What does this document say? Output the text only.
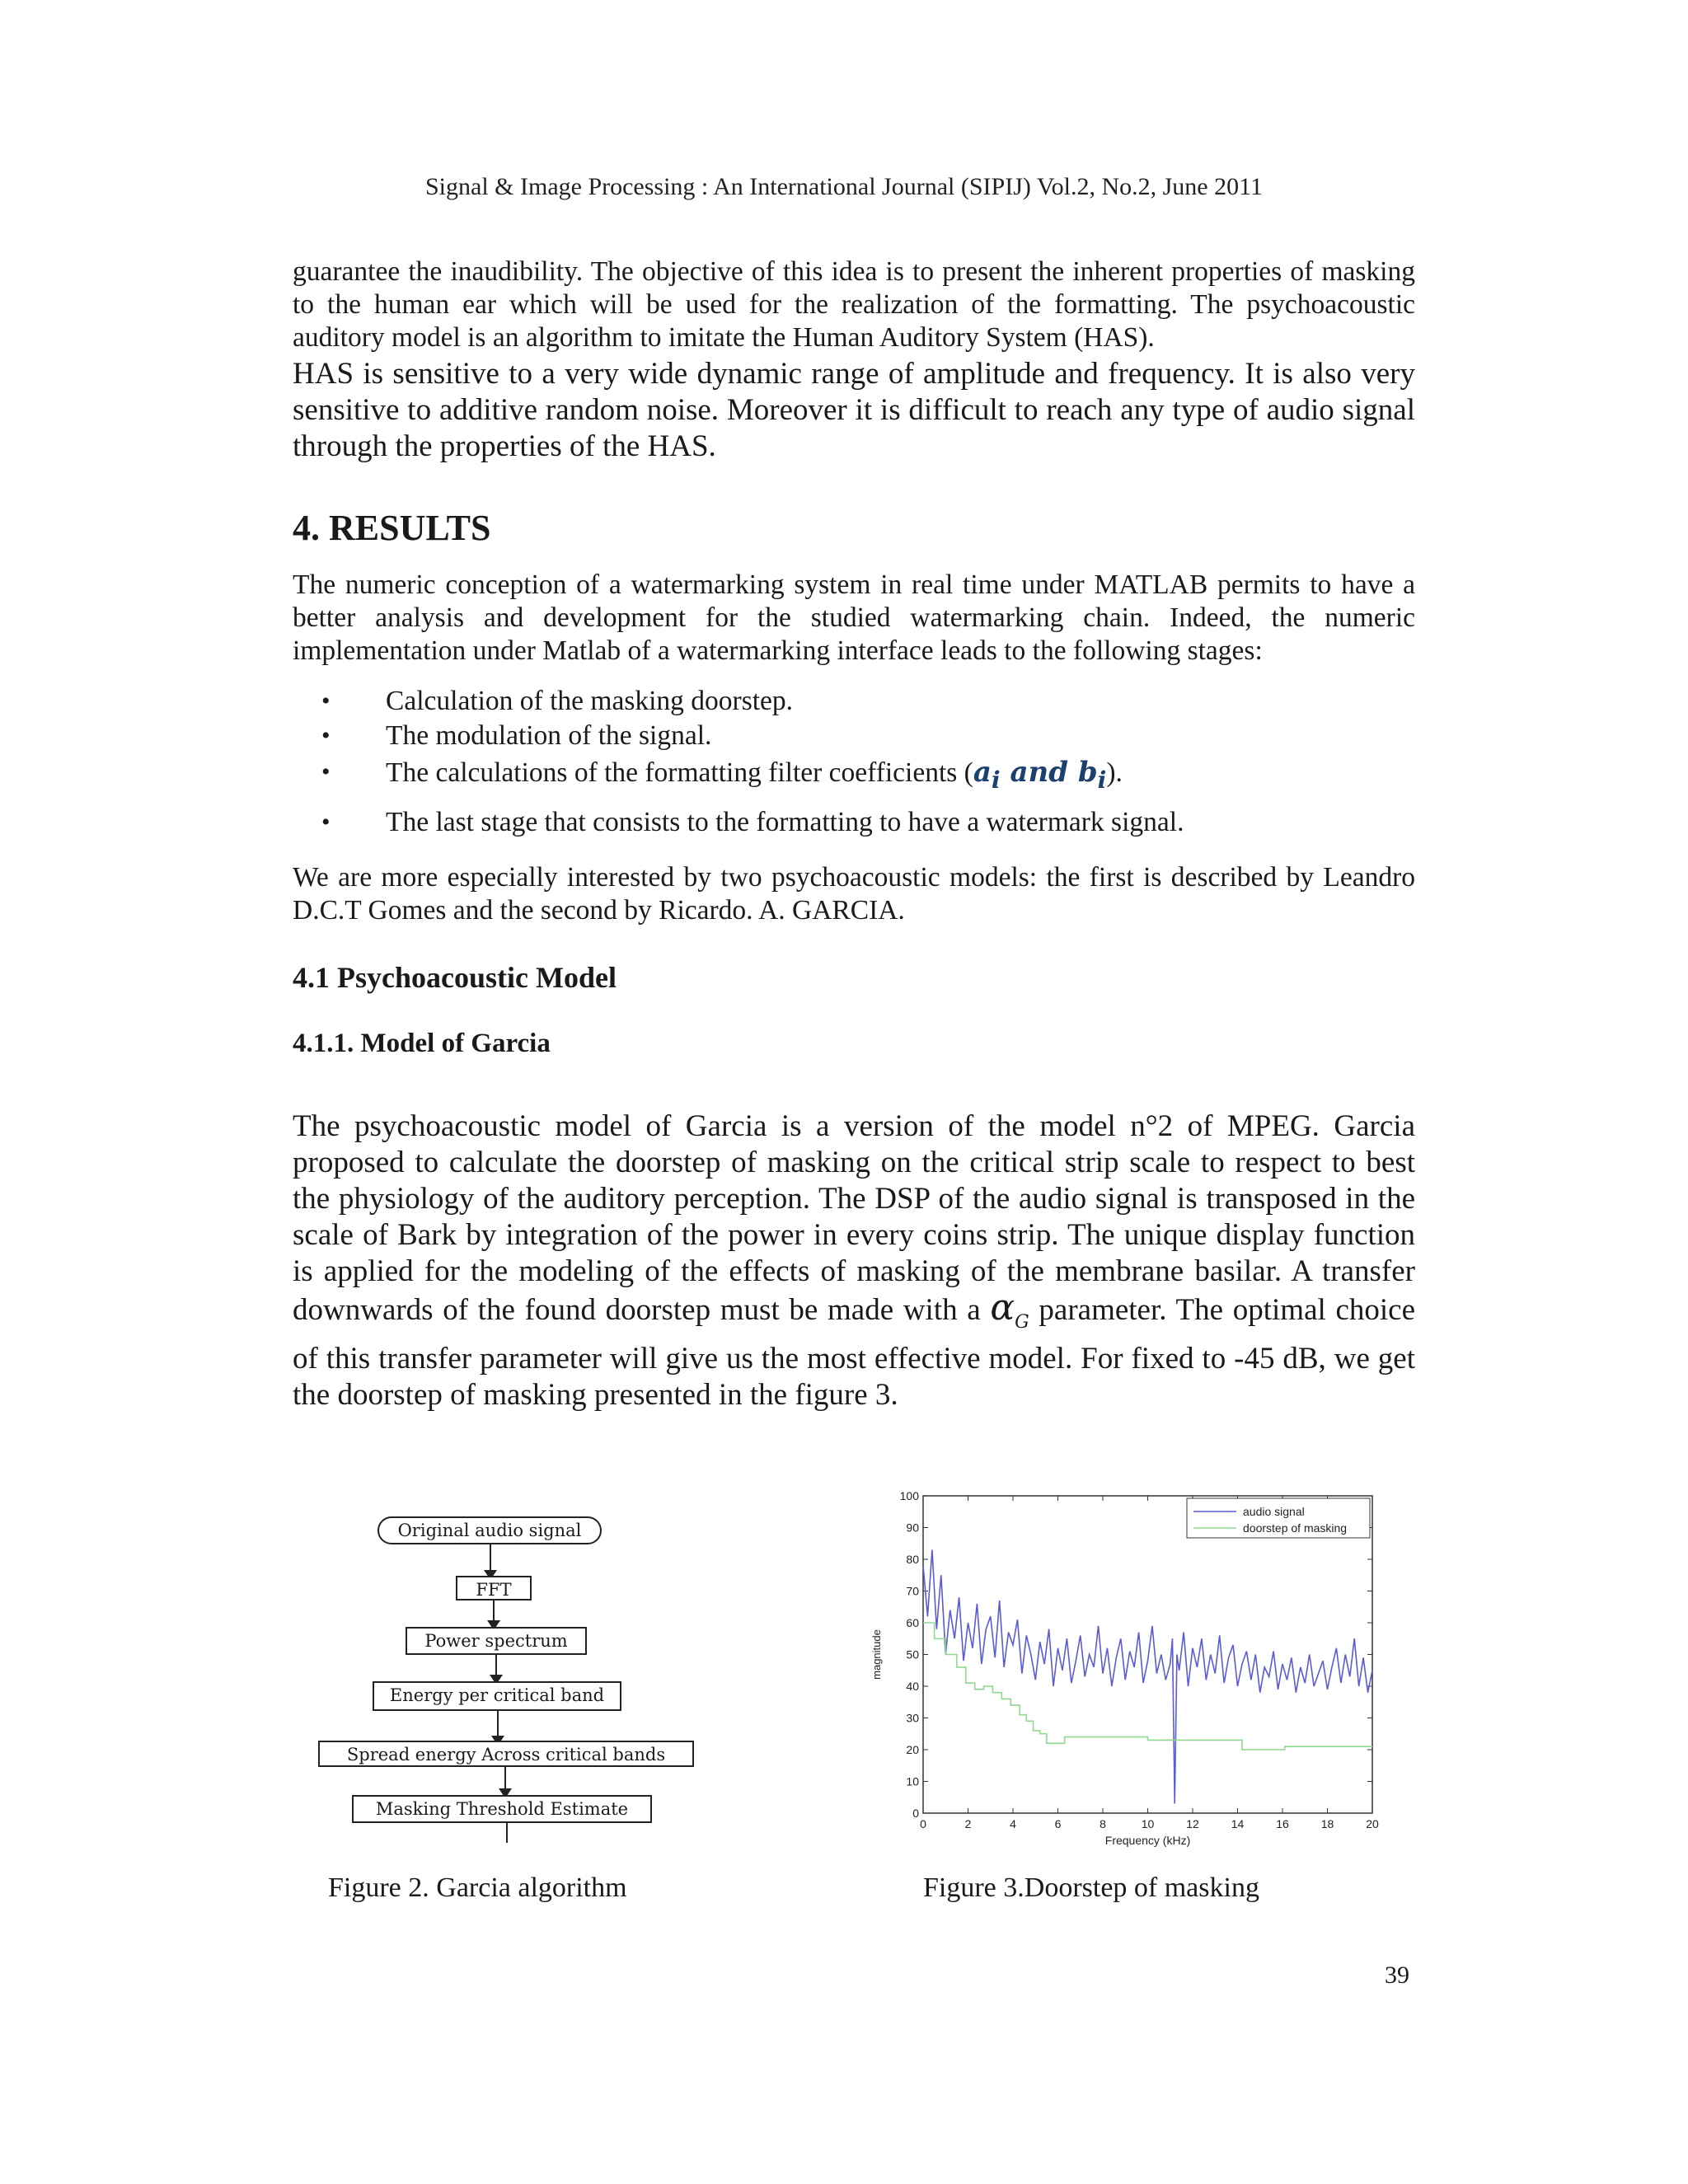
Signal & Image Processing : An International Journal (SIPIJ) Vol.2, No.2, June 2011

guarantee the inaudibility. The objective of this idea is to present the inherent properties of masking to the human ear which will be used for the realization of the formatting. The psychoacoustic auditory model is an algorithm to imitate the Human Auditory System (HAS).

HAS is sensitive to a very wide dynamic range of amplitude and frequency. It is also very sensitive to additive random noise. Moreover it is difficult to reach any type of audio signal through the properties of the HAS.

4. RESULTS

The numeric conception of a watermarking system in real time under MATLAB permits to have a better analysis and development for the studied watermarking chain. Indeed, the numeric implementation under Matlab of a watermarking interface leads to the following stages:

• Calculation of the masking doorstep.
• The modulation of the signal.
• The calculations of the formatting filter coefficients ($a_i$ and $b_i$).
• The last stage that consists to the formatting to have a watermark signal.

We are more especially interested by two psychoacoustic models: the first is described by Leandro D.C.T Gomes and the second by Ricardo. A. GARCIA.

4.1 Psychoacoustic Model
4.1.1. Model of Garcia

The psychoacoustic model of Garcia is a version of the model n°2 of MPEG. Garcia proposed to calculate the doorstep of masking on the critical strip scale to respect to best the physiology of the auditory perception. The DSP of the audio signal is transposed in the scale of Bark by integration of the power in every coins strip. The unique display function is applied for the modeling of the effects of masking of the membrane basilar. A transfer downwards of the found doorstep must be made with a $\alpha_G$ parameter. The optimal choice of this transfer parameter will give us the most effective model. For fixed to -45 dB, we get the doorstep of masking presented in the figure 3.

Original audio signal
FFT
Power spectrum
Energy per critical band
Spread energy Across critical bands
Masking Threshold Estimate
0	2	4	6	8	10	12	14	16	18	20
0
10
20
30
40
50
60
70
80
90
100
audio signal
doorstep of masking
Frequency (kHz)
magnitude
Figure 2. Garcia algorithm	Figure 3.Doorstep of masking
39
